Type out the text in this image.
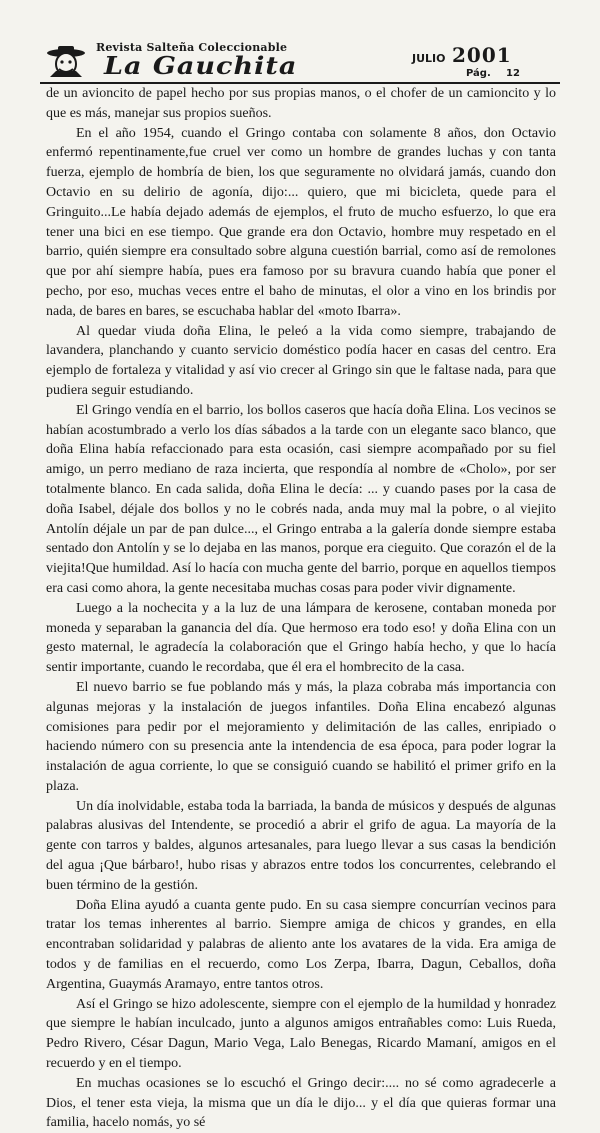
Revista Salteña Coleccionable
La Gauchita	JULIO 2001
Pág. 12

de un avioncito de papel hecho por sus propias manos, o el chofer de un camioncito y lo que es más, manejar sus propios sueños.

En el año 1954, cuando el Gringo contaba con solamente 8 años, don Octavio enfermó repentinamente,fue cruel ver como un hombre de grandes luchas y con tanta fuerza, ejemplo de hombría de bien, los que seguramente no olvidará jamás, cuando don Octavio en su delirio de agonía, dijo:... quiero, que mi bicicleta, quede para el Gringuito...Le había dejado además de ejemplos, el fruto de mucho esfuerzo, lo que era tener una bici en ese tiempo. Que grande era don Octavio, hombre muy respetado en el barrio, quién siempre era consultado sobre alguna cuestión barrial, como así de remolones que por ahí siempre había, pues era famoso por su bravura cuando había que poner el pecho, por eso, muchas veces entre el baho de minutas, el olor a vino en los brindis por nada, de bares en bares, se escuchaba hablar del «moto Ibarra».

Al quedar viuda doña Elina, le peleó a la vida como siempre, trabajando de lavandera, planchando y cuanto servicio doméstico podía hacer en casas del centro. Era ejemplo de fortaleza y vitalidad y así vio crecer al Gringo sin que le faltase nada, para que pudiera seguir estudiando.

El Gringo vendía en el barrio, los bollos caseros que hacía doña Elina. Los vecinos se habían acostumbrado a verlo los días sábados a la tarde con un elegante saco blanco, que doña Elina había refaccionado para esta ocasión, casi siempre acompañado por su fiel amigo, un perro mediano de raza incierta, que respondía al nombre de «Cholo», por ser totalmente blanco. En cada salida, doña Elina le decía: ... y cuando pases por la casa de doña Isabel, déjale dos bollos y no le cobrés nada, anda muy mal la pobre, o al viejito Antolín déjale un par de pan dulce..., el Gringo entraba a la galería donde siempre estaba sentado don Antolín y se lo dejaba en las manos, porque era cieguito. Que corazón el de la viejita!Que humildad. Así lo hacía con mucha gente del barrio, porque en aquellos tiempos era casi como ahora, la gente necesitaba muchas cosas para poder vivir dignamente.

Luego a la nochecita y a la luz de una lámpara de kerosene, contaban moneda por moneda y separaban la ganancia del día. Que hermoso era todo eso! y doña Elina con un gesto maternal, le agradecía la colaboración que el Gringo había hecho, y que lo hacía sentir importante, cuando le recordaba, que él era el hombrecito de la casa.

El nuevo barrio se fue poblando más y más, la plaza cobraba más importancia con algunas mejoras y la instalación de juegos infantiles. Doña Elina encabezó algunas comisiones para pedir por el mejoramiento y delimitación de las calles, enripiado o haciendo número con su presencia ante la intendencia de esa época, para poder lograr la instalación de agua corriente, lo que se consiguió cuando se habilitó el primer grifo en la plaza.

Un día inolvidable, estaba toda la barriada, la banda de músicos y después de algunas palabras alusivas del Intendente, se procedió a abrir el grifo de agua. La mayoría de la gente con tarros y baldes, algunos artesanales, para luego llevar a sus casas la bendición del agua ¡Que bárbaro!, hubo risas y abrazos entre todos los concurrentes, celebrando el buen término de la gestión.

Doña Elina ayudó a cuanta gente pudo. En su casa siempre concurrían vecinos para tratar los temas inherentes al barrio. Siempre amiga de chicos y grandes, en ella encontraban solidaridad y palabras de aliento ante los avatares de la vida. Era amiga de todos y de familias en el recuerdo, como Los Zerpa, Ibarra, Dagun, Ceballos, doña Argentina, Guaymás Aramayo, entre tantos otros.

Así el Gringo se hizo adolescente, siempre con el ejemplo de la humildad y honradez que siempre le habían inculcado, junto a algunos amigos entrañables como: Luis Rueda, Pedro Rivero, César Dagun, Mario Vega, Lalo Benegas, Ricardo Mamaní, amigos en el recuerdo y en el tiempo.

En muchas ocasiones se lo escuchó el Gringo decir:.... no sé como agradecerle a Dios, el tener esta vieja, la misma que un día le dijo... y el día que quieras formar una familia, hacelo nomás, yo sé
